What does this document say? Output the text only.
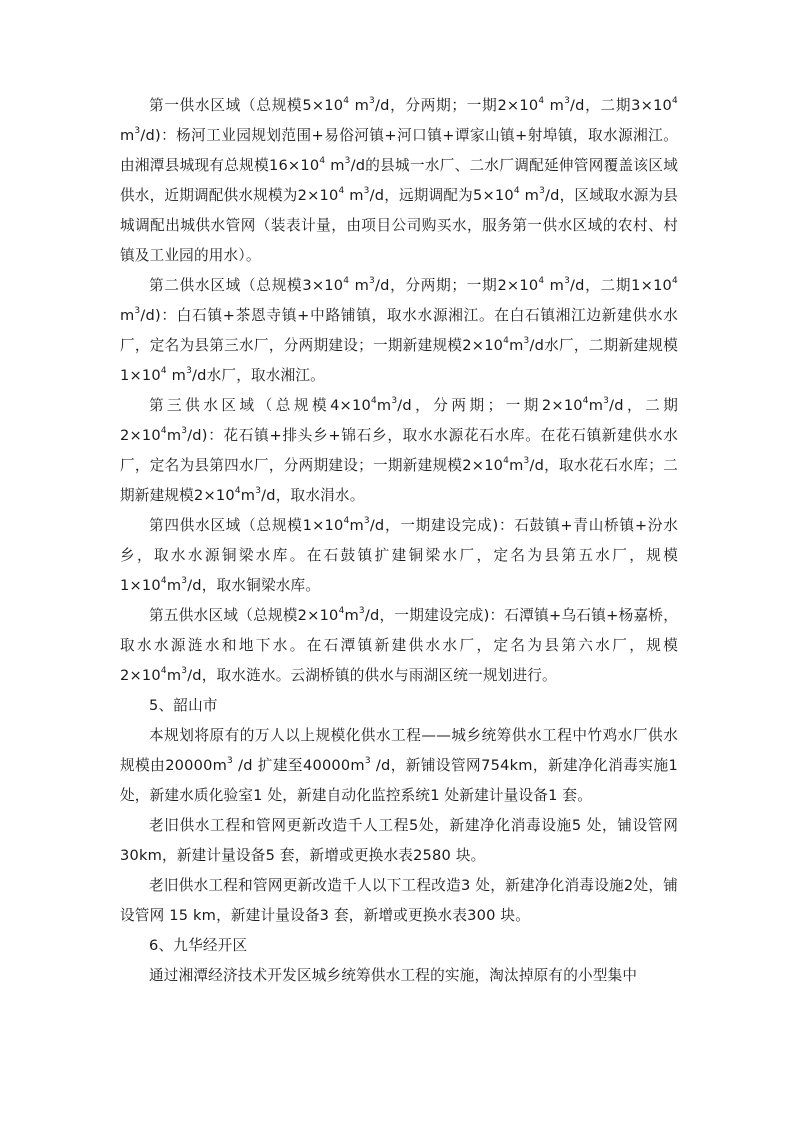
第一供水区域（总规模$5\times 10^4$ $m^3/d$，分两期；一期$2\times 10^4$ $m^3/d$，二期$3\times 10^4$ $m^3/d$)：杨河工业园规划范围+易俗河镇+河口镇+谭家山镇+射埠镇，取水源湘江。由湘潭县城现有总规模$16\times 10^4$ $m^3/d$的县城一水厂、二水厂调配延伸管网覆盖该区域供水，近期调配供水规模为$2\times 10^4$ $m^3/d$，远期调配为$5\times 10^4$ $m^3/d$，区域取水源为县城调配出城供水管网（装表计量，由项目公司购买水，服务第一供水区域的农村、村镇及工业园的用水）。

第二供水区域（总规模$3\times 10^4$ $m^3/d$，分两期；一期$2\times 10^4$ $m^3/d$，二期$1\times 10^4$ $m^3/d$)：白石镇+茶恩寺镇+中路铺镇，取水水源湘江。在白石镇湘江边新建供水水厂，定名为县第三水厂，分两期建设；一期新建规模$2\times 10^4m^3/d$水厂，二期新建规模$1\times 10^4$ $m^3/d$水厂，取水湘江。

第三供水区域（总规模$4\times 10^4m^3/d$，分两期；一期$2\times 10^4m^3/d$，二期$2\times 10^4m^3/d$)：花石镇+排头乡+锦石乡，取水水源花石水库。在花石镇新建供水水厂，定名为县第四水厂，分两期建设；一期新建规模$2\times 10^4m^3/d$，取水花石水库；二期新建规模$2\times 10^4m^3/d$，取水涓水。

第四供水区域（总规模$1\times 10^4m^3/d$，一期建设完成)：石鼓镇+青山桥镇+汾水乡，取水水源铜梁水库。在石鼓镇扩建铜梁水厂，定名为县第五水厂，规模$1\times 10^4m^3/d$，取水铜梁水库。

第五供水区域（总规模$2\times 10^4m^3/d$，一期建设完成)：石潭镇+乌石镇+杨嘉桥，取水水源涟水和地下水。在石潭镇新建供水水厂，定名为县第六水厂，规模$2\times 10^4m^3/d$，取水涟水。云湖桥镇的供水与雨湖区统一规划进行。

5、韶山市

本规划将原有的万人以上规模化供水工程——城乡统筹供水工程中竹鸡水厂供水规模由$20000m^3$ /d 扩建至$40000m^3$ /d，新铺设管网754km，新建净化消毒实施1 处，新建水质化验室1 处，新建自动化监控系统1 处新建计量设备1 套。

老旧供水工程和管网更新改造千人工程5处，新建净化消毒设施5 处，铺设管网30km，新建计量设备5 套，新增或更换水表2580 块。

老旧供水工程和管网更新改造千人以下工程改造3 处，新建净化消毒设施2处，铺设管网 15 km，新建计量设备3 套，新增或更换水表300 块。

6、九华经开区

通过湘潭经济技术开发区城乡统筹供水工程的实施，淘汰掉原有的小型集中
